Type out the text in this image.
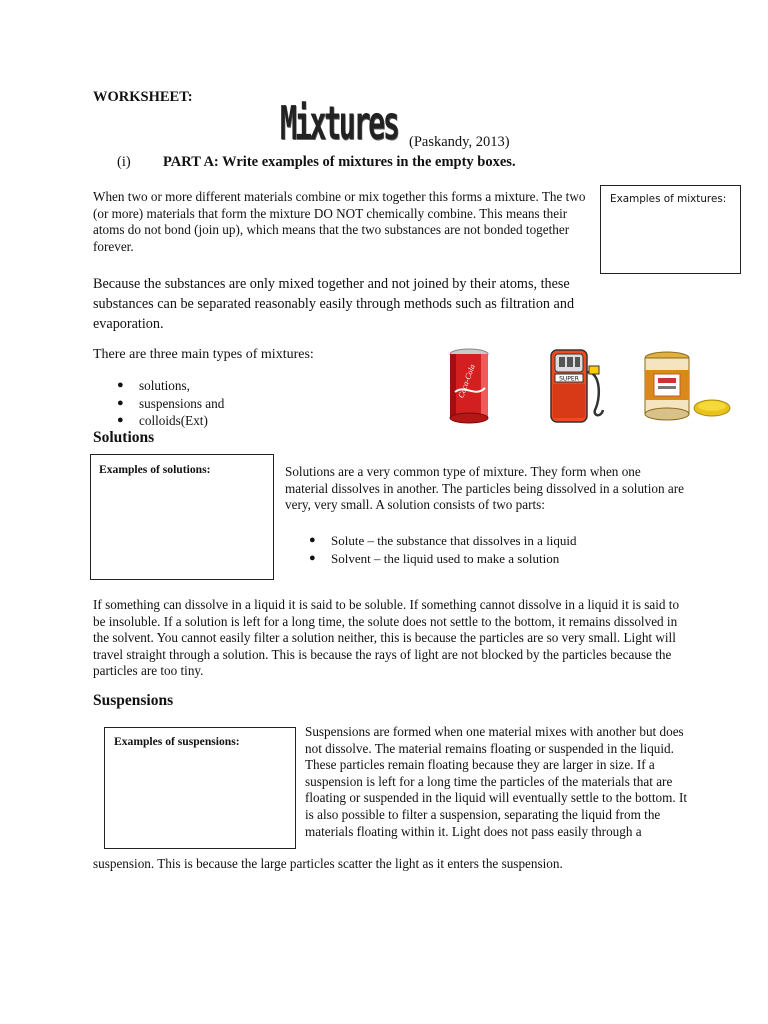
WORKSHEET: Mixtures (Paskandy, 2013)
(i) PART A: Write examples of mixtures in the empty boxes.

When two or more different materials combine or mix together this forms a mixture. The two (or more) materials that form the mixture DO NOT chemically combine. This means their atoms do not bond (join up), which means that the two substances are not bonded together forever.

Examples of mixtures:

Because the substances are only mixed together and not joined by their atoms, these substances can be separated reasonably easily through methods such as filtration and evaporation.

There are three main types of mixtures:
● solutions,
● suspensions and
● colloids(Ext)
Coca-Cola	SUPER
Solutions
Examples of solutions:	Solutions are a very common type of mixture. They form when one material dissolves in another. The particles being dissolved in a solution are very, very small. A solution consists of two parts:

● Solute – the substance that dissolves in a liquid
● Solvent – the liquid used to make a solution

If something can dissolve in a liquid it is said to be soluble. If something cannot dissolve in a liquid it is said to be insoluble. If a solution is left for a long time, the solute does not settle to the bottom, it remains dissolved in the solvent. You cannot easily filter a solution neither, this is because the particles are so very small. Light will travel straight through a solution. This is because the rays of light are not blocked by the particles because the particles are too tiny.

Suspensions
Examples of suspensions:

Suspensions are formed when one material mixes with another but does not dissolve. The material remains floating or suspended in the liquid. These particles remain floating because they are larger in size. If a suspension is left for a long time the particles of the materials that are floating or suspended in the liquid will eventually settle to the bottom. It is also possible to filter a suspension, separating the liquid from the materials floating within it. Light does not pass easily through a

suspension. This is because the large particles scatter the light as it enters the suspension.
